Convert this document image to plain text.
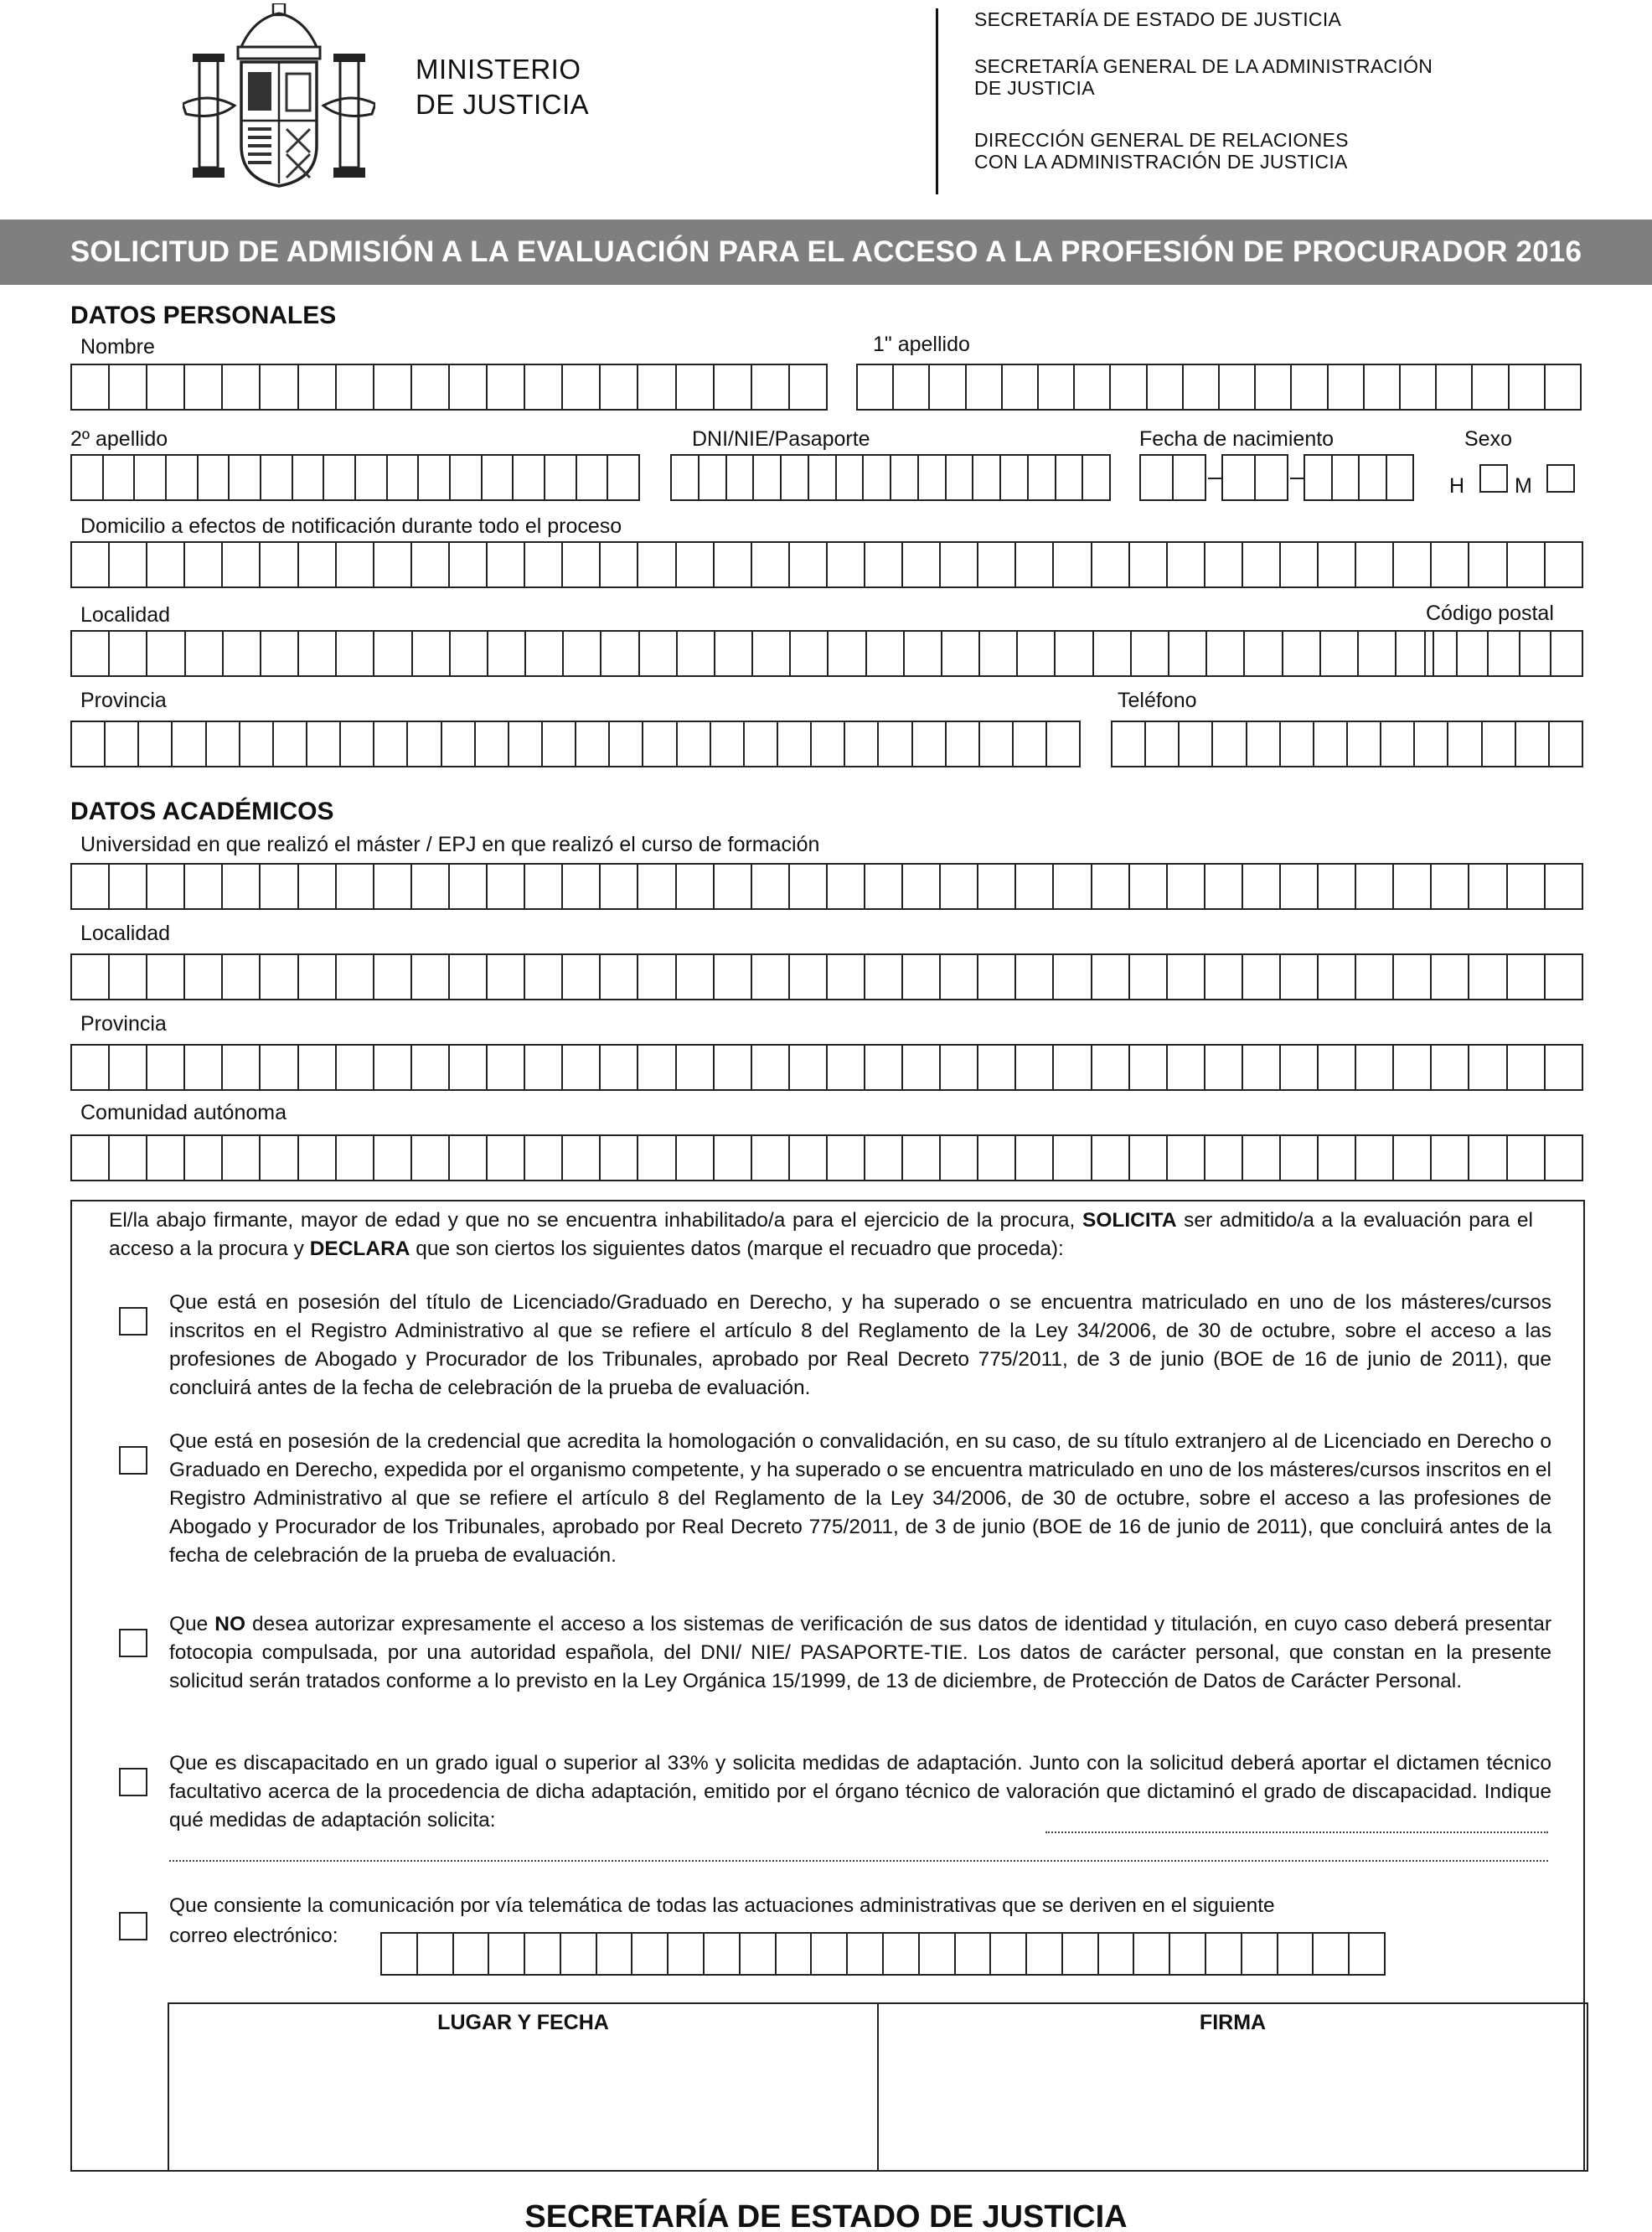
MINISTERIO
DE JUSTICIA
SECRETARÍA DE ESTADO DE JUSTICIA
SECRETARÍA GENERAL DE LA ADMINISTRACIÓN
DE JUSTICIA
DIRECCIÓN GENERAL DE RELACIONES
CON LA ADMINISTRACIÓN DE JUSTICIA
SOLICITUD DE ADMISIÓN A LA EVALUACIÓN PARA EL ACCESO A LA PROFESIÓN DE PROCURADOR 2016
DATOS PERSONALES
Nombre	1" apellido
2º apellido	DNI/NIE/Pasaporte	Fecha de nacimiento	Sexo
H M
Domicilio a efectos de notificación durante todo el proceso
Localidad	Código postal
Provincia	Teléfono
DATOS ACADÉMICOS
Universidad en que realizó el máster / EPJ en que realizó el curso de formación
Localidad
Provincia
Comunidad autónoma
El/la abajo firmante, mayor de edad y que no se encuentra inhabilitado/a para el ejercicio de la procura, SOLICITA ser admitido/a a la evaluación para el acceso a la procura y DECLARA que son ciertos los siguientes datos (marque el recuadro que proceda):
Que está en posesión del título de Licenciado/Graduado en Derecho, y ha superado o se encuentra matriculado en uno de los másteres/cursos inscritos en el Registro Administrativo al que se refiere el artículo 8 del Reglamento de la Ley 34/2006, de 30 de octubre, sobre el acceso a las profesiones de Abogado y Procurador de los Tribunales, aprobado por Real Decreto 775/2011, de 3 de junio (BOE de 16 de junio de 2011), que concluirá antes de la fecha de celebración de la prueba de evaluación.
Que está en posesión de la credencial que acredita la homologación o convalidación, en su caso, de su título extranjero al de Licenciado en Derecho o Graduado en Derecho, expedida por el organismo competente, y ha superado o se encuentra matriculado en uno de los másteres/cursos inscritos en el Registro Administrativo al que se refiere el artículo 8 del Reglamento de la Ley 34/2006, de 30 de octubre, sobre el acceso a las profesiones de Abogado y Procurador de los Tribunales, aprobado por Real Decreto 775/2011, de 3 de junio (BOE de 16 de junio de 2011), que concluirá antes de la fecha de celebración de la prueba de evaluación.
Que NO desea autorizar expresamente el acceso a los sistemas de verificación de sus datos de identidad y titulación, en cuyo caso deberá presentar fotocopia compulsada, por una autoridad española, del DNI/ NIE/ PASAPORTE-TIE. Los datos de carácter personal, que constan en la presente solicitud serán tratados conforme a lo previsto en la Ley Orgánica 15/1999, de 13 de diciembre, de Protección de Datos de Carácter Personal.
Que es discapacitado en un grado igual o superior al 33% y solicita medidas de adaptación. Junto con la solicitud deberá aportar el dictamen técnico facultativo acerca de la procedencia de dicha adaptación, emitido por el órgano técnico de valoración que dictaminó el grado de discapacidad. Indique qué medidas de adaptación solicita:
Que consiente la comunicación por vía telemática de todas las actuaciones administrativas que se deriven en el siguiente
correo electrónico:
LUGAR Y FECHA	FIRMA
SECRETARÍA DE ESTADO DE JUSTICIA
